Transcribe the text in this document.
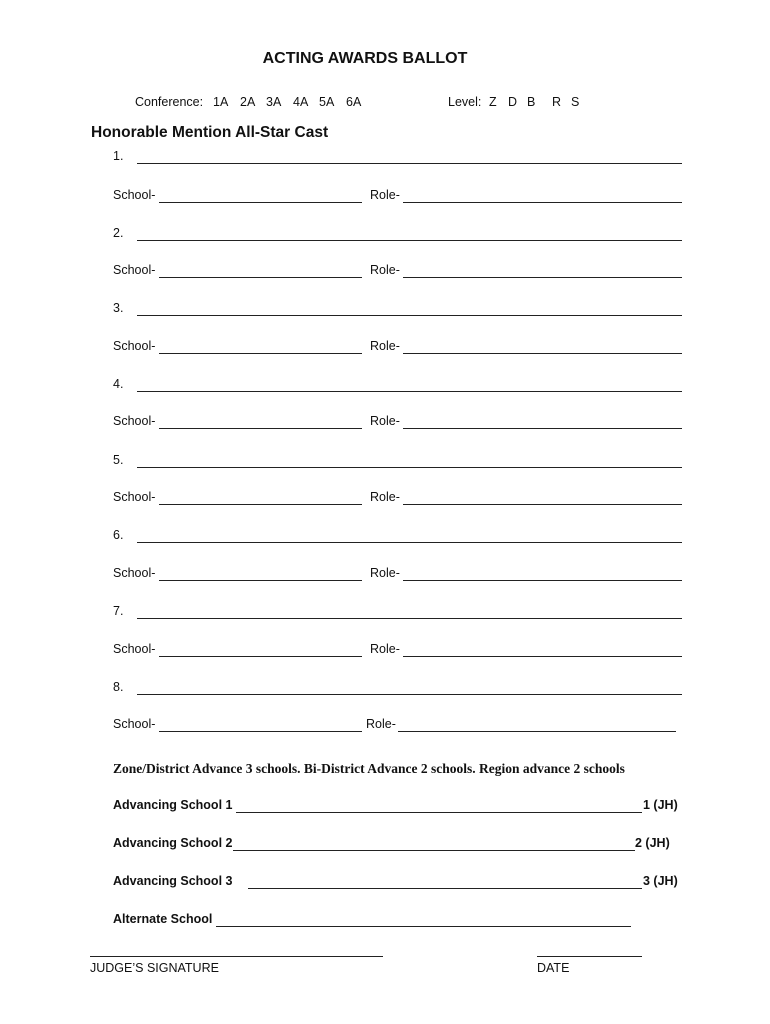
ACTING AWARDS BALLOT
Conference: 1A 2A 3A 4A 5A 6A	Level: Z D B R S
Honorable Mention All-Star Cast
1.
School-	Role-
2.
School-	Role-
3.
School-	Role-
4.
School-	Role-
5.
School-	Role-
6.
School-	Role-
7.
School-	Role-
8.
School-	Role-
Zone/District Advance 3 schools. Bi-District Advance 2 schools. Region advance 2 schools
Advancing School 1	1 (JH)
Advancing School 2	2 (JH)
Advancing School 3	3 (JH)
Alternate School
JUDGE’S SIGNATURE	DATE
